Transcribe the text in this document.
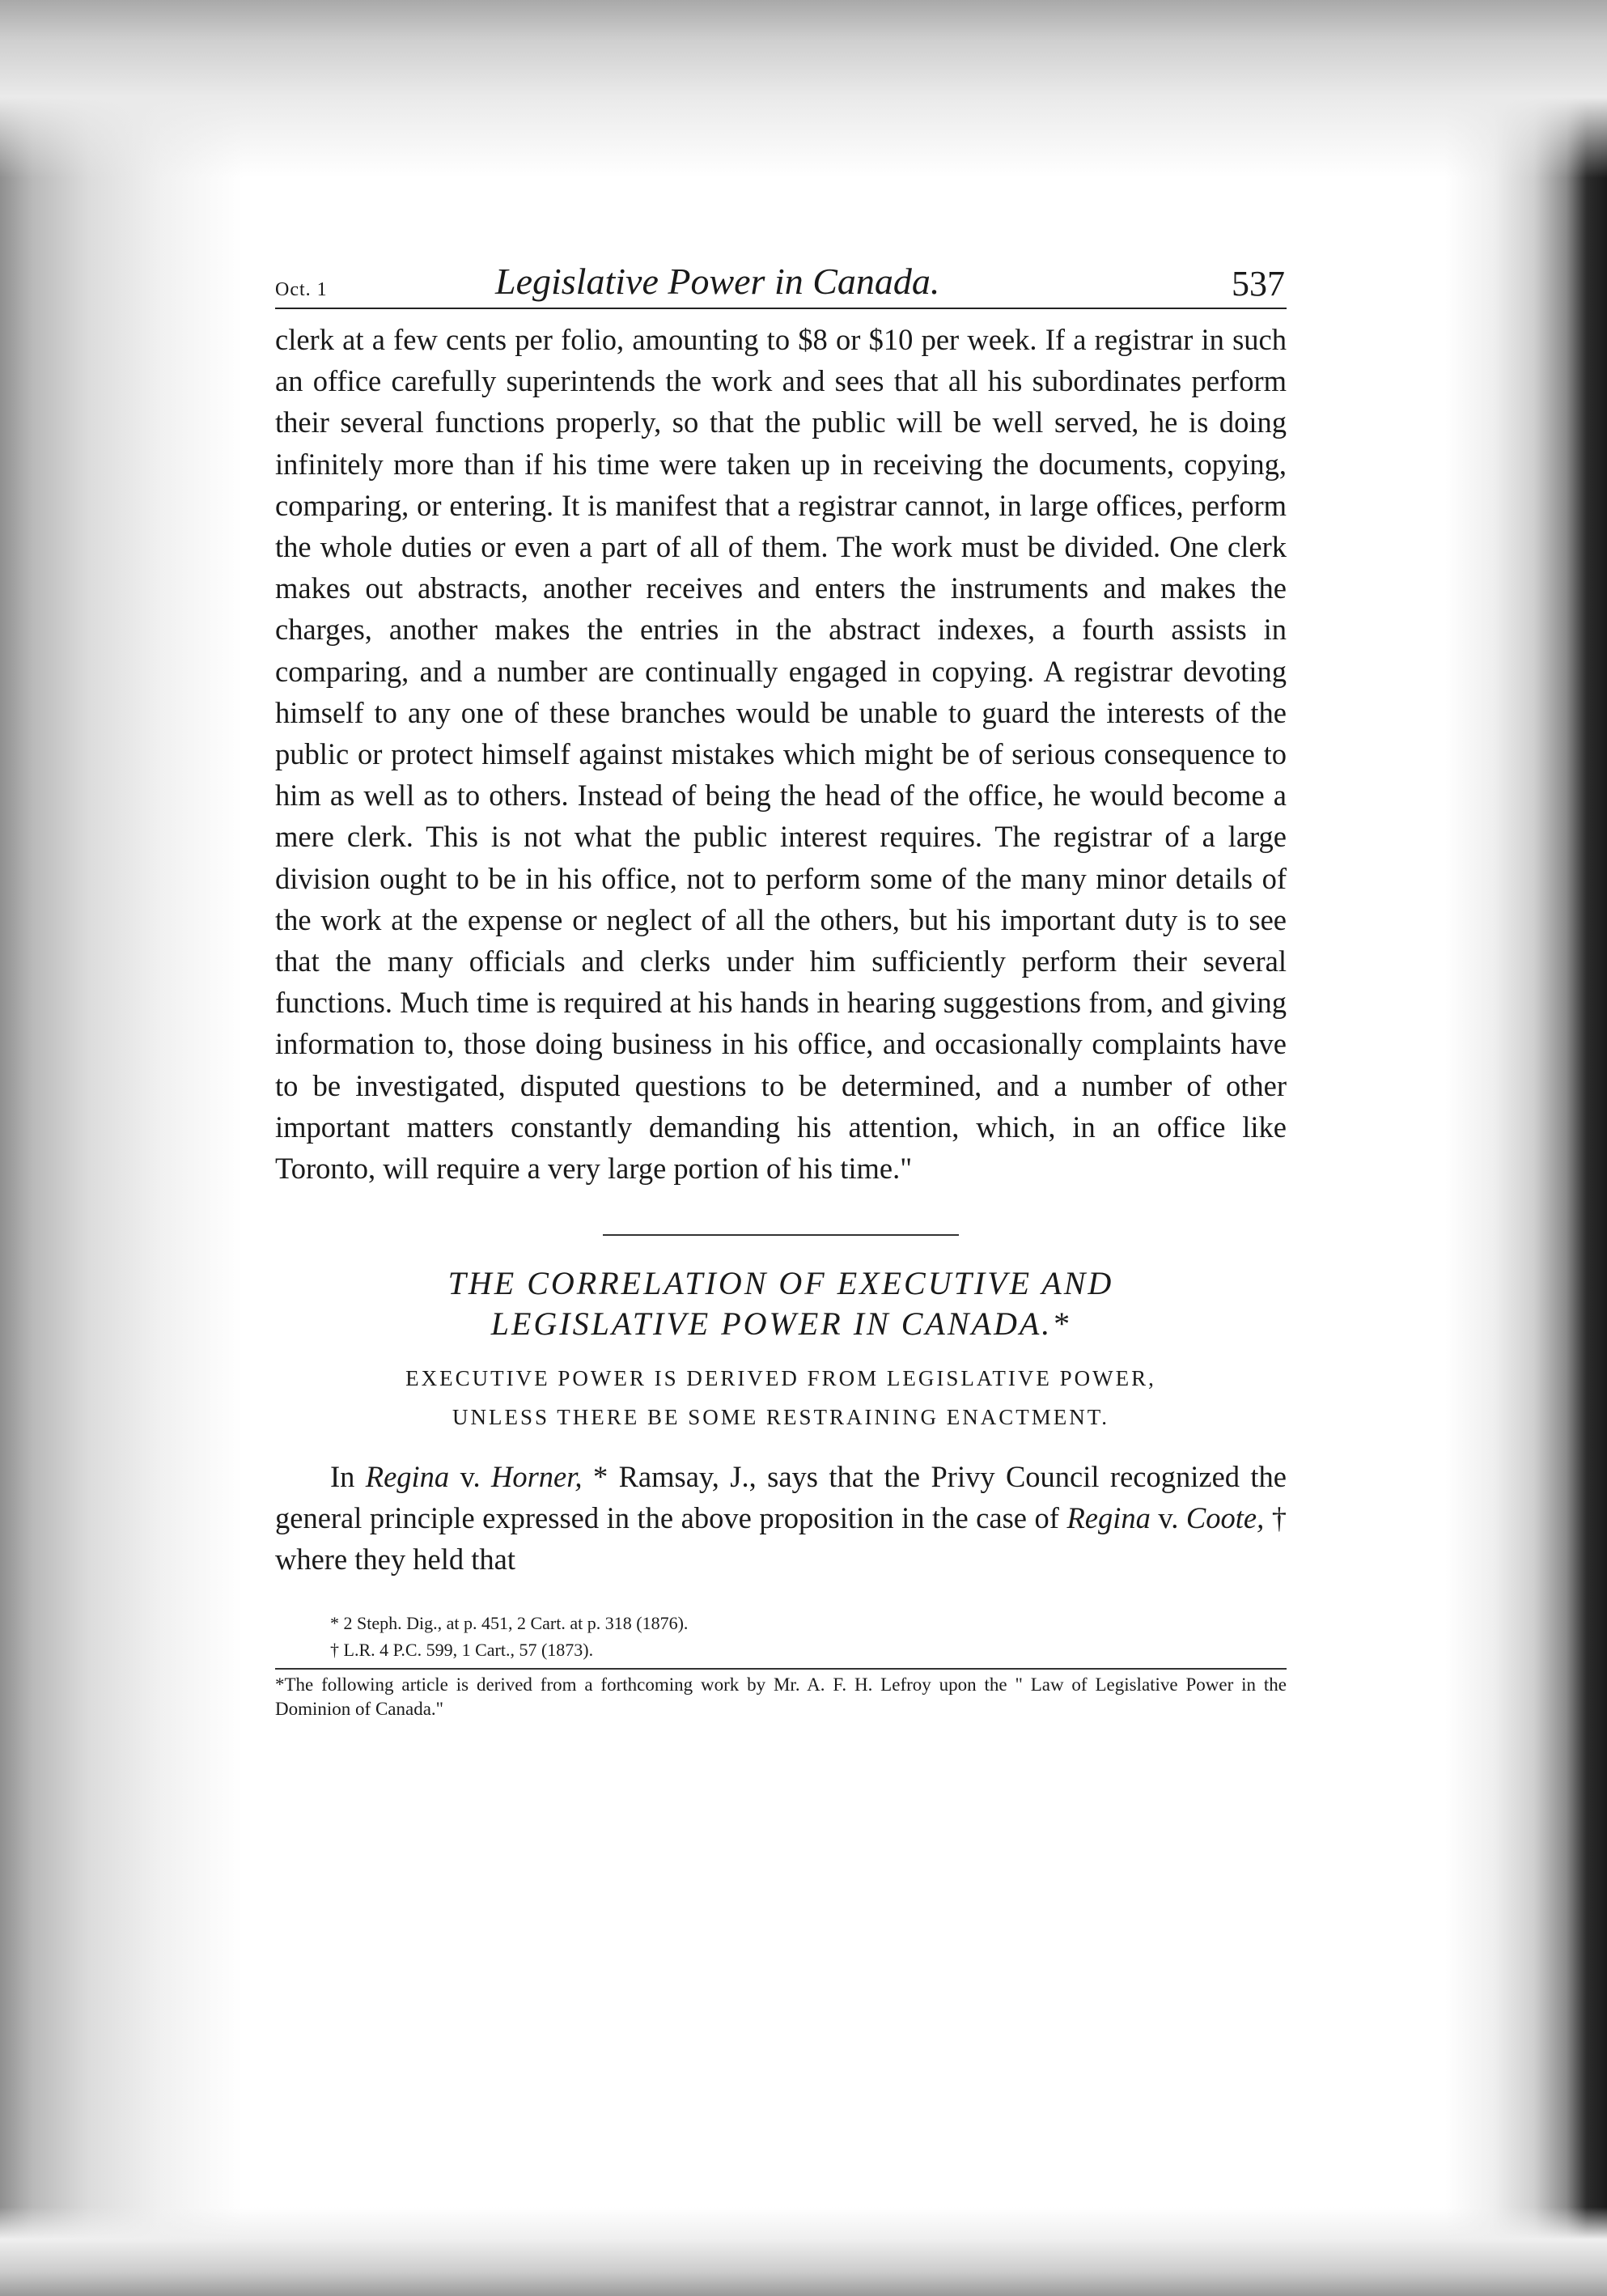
Oct. 1	Legislative Power in Canada.	537

clerk at a few cents per folio, amounting to $8 or $10 per week. If a registrar in such an office carefully superintends the work and sees that all his subordinates perform their several functions properly, so that the public will be well served, he is doing infinitely more than if his time were taken up in receiving the documents, copying, comparing, or entering. It is manifest that a registrar cannot, in large offices, perform the whole duties or even a part of all of them. The work must be divided. One clerk makes out abstracts, another receives and enters the instruments and makes the charges, another makes the entries in the abstract indexes, a fourth assists in comparing, and a number are continually engaged in copying. A registrar devoting himself to any one of these branches would be unable to guard the interests of the public or protect himself against mistakes which might be of serious consequence to him as well as to others. Instead of being the head of the office, he would become a mere clerk. This is not what the public interest requires. The registrar of a large division ought to be in his office, not to perform some of the many minor details of the work at the expense or neglect of all the others, but his important duty is to see that the many officials and clerks under him sufficiently perform their several functions. Much time is required at his hands in hearing suggestions from, and giving information to, those doing business in his office, and occasionally complaints have to be investigated, disputed questions to be determined, and a number of other important matters constantly demanding his attention, which, in an office like Toronto, will require a very large portion of his time."

THE CORRELATION OF EXECUTIVE AND
LEGISLATIVE POWER IN CANADA.*
EXECUTIVE POWER IS DERIVED FROM LEGISLATIVE POWER,
UNLESS THERE BE SOME RESTRAINING ENACTMENT.

In Regina v. Horner, * Ramsay, J., says that the Privy Council recognized the general principle expressed in the above proposition in the case of Regina v. Coote, † where they held that

* 2 Steph. Dig., at p. 451, 2 Cart. at p. 318 (1876).
† L.R. 4 P.C. 599, 1 Cart., 57 (1873).
*The following article is derived from a forthcoming work by Mr. A. F. H. Lefroy upon the " Law of Legislative Power in the Dominion of Canada."
